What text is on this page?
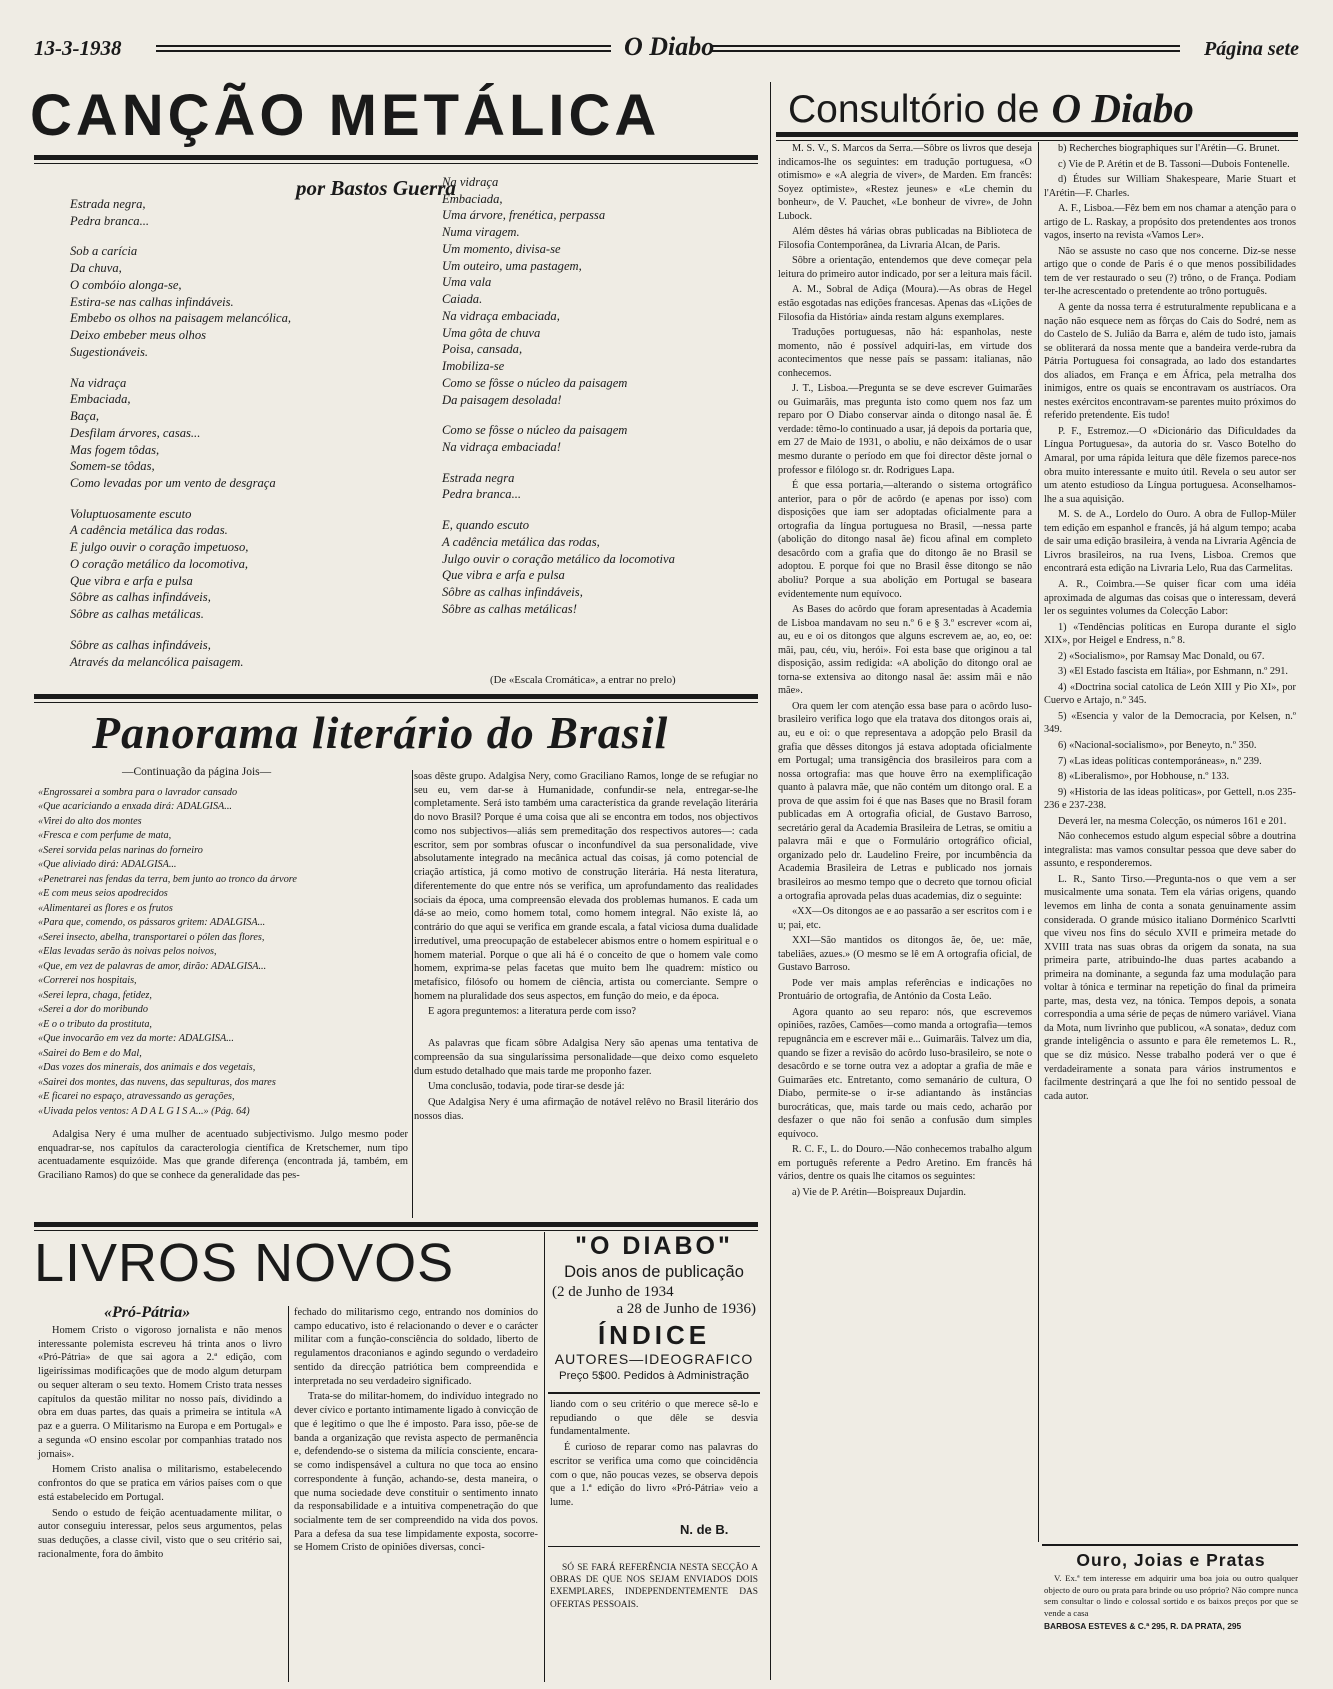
13-3-1938	O Diabo	Página sete
CANÇÃO METÁLICA
por Bastos Guerra
Estrada negra,
Pedra branca...
Sob a carícia
Da chuva,
O combóio alonga-se,
Estira-se nas calhas infindáveis.
Embebo os olhos na paisagem melancólica,
Deixo embeber meus olhos
Sugestionáveis.
Na vidraça
Embaciada,
Baça,
Desfilam árvores, casas...
Mas fogem tôdas,
Somem-se tôdas,
Como levadas por um vento de desgraça
Voluptuosamente escuto
A cadência metálica das rodas.
E julgo ouvir o coração impetuoso,
O coração metálico da locomotiva,
Que vibra e arfa e pulsa
Sôbre as calhas infindáveis,
Sôbre as calhas metálicas.
Sôbre as calhas infindáveis,
Através da melancólica paisagem.
Na vidraça
Embaciada,
Uma árvore, frenética, perpassa
Numa viragem.
Um momento, divisa-se
Um outeiro, uma pastagem,
Uma vala
Caiada.
Na vidraça embaciada,
Uma gôta de chuva
Poisa, cansada,
Imobiliza-se
Como se fôsse o núcleo da paisagem
Da paisagem desolada!
Como se fôsse o núcleo da paisagem
Na vidraça embaciada!
Estrada negra
Pedra branca...
E, quando escuto
A cadência metálica das rodas,
Julgo ouvir o coração metálico da locomotiva
Que vibra e arfa e pulsa
Sôbre as calhas infindáveis,
Sôbre as calhas metálicas!
(De «Escala Cromática», a entrar no prelo)
Panorama literário do Brasil
—Continuação da página Jois—
«Engrossarei a sombra para o lavrador cansado
«Que acariciando a enxada dirá: ADALGISA...
«Virei do alto dos montes
«Fresca e com perfume de mata,
«Serei sorvida pelas narinas do forneiro
«Que aliviado dirá: ADALGISA...
«Penetrarei nas fendas da terra, bem junto ao tronco da árvore
«E com meus seios apodrecidos
«Alimentarei as flores e os frutos
«Para que, comendo, os pássaros gritem: ADALGISA...
«Serei insecto, abelha, transportarei o pólen das flores,
«Elas levadas serão às noivas pelos noivos,
«Que, em vez de palavras de amor, dirão: ADALGISA...
«Correrei nos hospitais,
«Serei lepra, chaga, fetidez,
«Serei a dor do moribundo
«E o o tributo da prostituta,
«Que invocarão em vez da morte: ADALGISA...
«Sairei do Bem e do Mal,
«Das vozes dos minerais, dos animais e dos vegetais,
«Sairei dos montes, das nuvens, das sepulturas, dos mares
«E ficarei no espaço, atravessando as gerações,
«Uivada pelos ventos: A D A L G I S A...» (Pág. 64)

Adalgisa Nery é uma mulher de acentuado subjectivismo. Julgo mesmo poder enquadrar-se, nos capítulos da caracterologia científica de Kretschemer, num tipo acentuadamente esquizóide. Mas que grande diferença (encontrada já, também, em Graciliano Ramos) do que se conhece da generalidade das pes-

soas dêste grupo. Adalgisa Nery, como Graciliano Ramos, longe de se refugiar no seu eu, vem dar-se à Humanidade, confundir-se nela, entregar-se-lhe completamente. Será isto também uma característica da grande revelação literária do novo Brasil? Porque é uma coisa que ali se encontra em todos, nos objectivos como nos subjectivos—aliás sem premeditação dos respectivos autores—: cada escritor, sem por sombras ofuscar o inconfundível da sua personalidade, vive absolutamente integrado na mecânica actual das coisas, já como potencial de criação artística, já como motivo de construção literária. Há nesta literatura, diferentemente do que entre nós se verifica, um aprofundamento das realidades sociais da época, uma compreensão elevada dos problemas humanos. E cada um dá-se ao meio, como homem total, como homem integral. Não existe lá, ao contrário do que aqui se verifica em grande escala, a fatal viciosa duma dualidade irredutível, uma preocupação de estabelecer abismos entre o homem espiritual e o homem material. Porque o que ali há é o conceito de que o homem vale como homem, exprima-se pelas facetas que muito bem lhe quadrem: místico ou metafísico, filósofo ou homem de ciência, artista ou comerciante. Sempre o homem na pluralidade dos seus aspectos, em função do meio, e da época.

E agora preguntemos: a literatura perde com isso?

As palavras que ficam sôbre Adalgisa Nery são apenas uma tentativa de compreensão da sua singularíssima personalidade—que deixo como esqueleto dum estudo detalhado que mais tarde me proponho fazer.

Uma conclusão, todavia, pode tirar-se desde já:

Que Adalgisa Nery é uma afirmação de notável relêvo no Brasil literário dos nossos dias.

LIVROS NOVOS
«Pró-Pátria»

Homem Cristo o vigoroso jornalista e não menos interessante polemista escreveu há trinta anos o livro «Pró-Pátria» de que sai agora a 2.ª edição, com ligeiríssimas modificações que de modo algum deturpam ou sequer alteram o seu texto. Homem Cristo trata nesses capítulos da questão militar no nosso país, dividindo a obra em duas partes, das quais a primeira se intitula «A paz e a guerra. O Militarismo na Europa e em Portugal» e a segunda «O ensino escolar por companhias tratado nos jornais».

Homem Cristo analisa o militarismo, estabelecendo confrontos do que se pratica em vários países com o que está estabelecido em Portugal.

Sendo o estudo de feição acentuadamente militar, o autor conseguiu interessar, pelos seus argumentos, pelas suas deduções, a classe civil, visto que o seu critério sai, racionalmente, fora do âmbito

fechado do militarismo cego, entrando nos domínios do campo educativo, isto é relacionando o dever e o carácter militar com a função-consciência do soldado, liberto de regulamentos draconianos e agindo segundo o verdadeiro sentido da direcção patriótica bem compreendida e interpretada no seu verdadeiro significado.

Trata-se do militar-homem, do indivíduo integrado no dever cívico e portanto intimamente ligado à convicção de que é legítimo o que lhe é imposto. Para isso, põe-se de banda a organização que revista aspecto de permanência e, defendendo-se o sistema da milícia consciente, encara-se como indispensável a cultura no que toca ao ensino correspondente à função, achando-se, desta maneira, o que numa sociedade deve constituir o sentimento innato da responsabilidade e a intuitiva compenetração do que socialmente tem de ser compreendido na vida dos povos. Para a defesa da sua tese limpidamente exposta, socorre-se Homem Cristo de opiniões diversas, conci-

"O DIABO"
Dois anos de publicação
(2 de Junho de 1934
a 28 de Junho de 1936)
ÍNDICE
AUTORES—IDEOGRAFICO
Preço 5$00. Pedidos à Administração

liando com o seu critério o que merece sê-lo e repudiando o que dêle se desvia fundamentalmente.

É curioso de reparar como nas palavras do escritor se verifica uma como que coincidência com o que, não poucas vezes, se observa depois que a 1.ª edição do livro «Pró-Pátria» veio a lume.

N. de B.
SÓ SE FARÁ REFERÊNCIA NESTA SECÇÃO A OBRAS DE QUE NOS SEJAM ENVIADOS DOIS EXEMPLARES, INDEPENDENTEMENTE DAS OFERTAS PESSOAIS.
Consultório de O Diabo

M. S. V., S. Marcos da Serra.—Sôbre os livros que deseja indicamos-lhe os seguintes: em tradução portuguesa, «O otimismo» e «A alegria de viver», de Marden. Em francês: Soyez optimiste», «Restez jeunes» e «Le chemin du bonheur», de V. Pauchet, «Le bonheur de vivre», de John Lubock.

Além dêstes há várias obras publicadas na Biblioteca de Filosofia Contemporânea, da Livraria Alcan, de Paris.

Sôbre a orientação, entendemos que deve começar pela leitura do primeiro autor indicado, por ser a leitura mais fácil.

A. M., Sobral de Adiça (Moura).—As obras de Hegel estão esgotadas nas edições francesas. Apenas das «Lições de Filosofia da História» ainda restam alguns exemplares.

Traduções portuguesas, não há: espanholas, neste momento, não é possível adquiri-las, em virtude dos acontecimentos que nesse país se passam: italianas, não conhecemos.

J. T., Lisboa.—Pregunta se se deve escrever Guimarães ou Guimarãis, mas pregunta isto como quem nos faz um reparo por O Diabo conservar ainda o ditongo nasal ãe. É verdade: têmo-lo continuado a usar, já depois da portaria que, em 27 de Maio de 1931, o aboliu, e não deixámos de o usar mesmo durante o período em que foi director dêste jornal o professor e filólogo sr. dr. Rodrigues Lapa.

É que essa portaria,—alterando o sistema ortográfico anterior, para o pôr de acôrdo (e apenas por isso) com disposições que iam ser adoptadas oficialmente para a ortografia da língua portuguesa no Brasil, —nessa parte (abolição do ditongo nasal ãe) ficou afinal em completo desacôrdo com a grafia que do ditongo ãe no Brasil se adoptou. E porque foi que no Brasil êsse ditongo se não aboliu? Porque a sua abolição em Portugal se baseara evidentemente num equívoco.

As Bases do acôrdo que foram apresentadas à Academia de Lisboa mandavam no seu n.º 6 e § 3.º escrever «com ai, au, eu e oi os ditongos que alguns escrevem ae, ao, eo, oe: mãi, pau, céu, viu, herói». Foi esta base que originou a tal disposição, assim redigida: «A abolição do ditongo oral ae torna-se extensiva ao ditongo nasal ãe: assim mãi e não mãe».

Ora quem ler com atenção essa base para o acôrdo luso-brasileiro verifica logo que ela tratava dos ditongos orais ai, au, eu e oi: o que representava a adopção pelo Brasil da grafia que dêsses ditongos já estava adoptada oficialmente em Portugal; uma transigência dos brasileiros para com a nossa ortografia: mas que houve êrro na exemplificação quanto à palavra mãe, que não contém um ditongo oral. E a prova de que assim foi é que nas Bases que no Brasil foram publicadas em A ortografia oficial, de Gustavo Barroso, secretário geral da Academia Brasileira de Letras, se omitiu a palavra mãi e que o Formulário ortográfico oficial, organizado pelo dr. Laudelino Freire, por incumbência da Academia Brasileira de Letras e publicado nos jornais brasileiros ao mesmo tempo que o decreto que tornou oficial a ortografia aprovada pelas duas academias, diz o seguinte:

«XX—Os ditongos ae e ao passarão a ser escritos com i e u; pai, etc.

XXI—São mantidos os ditongos ãe, õe, ue: mãe, tabeliães, azues.» (O mesmo se lê em A ortografia oficial, de Gustavo Barroso.

Pode ver mais amplas referências e indicações no Prontuário de ortografia, de António da Costa Leão.

Agora quanto ao seu reparo: nós, que escrevemos opiniões, razões, Camões—como manda a ortografia—temos repugnância em e escrever mãi e... Guimarãis. Talvez um dia, quando se fizer a revisão do acôrdo luso-brasileiro, se note o desacôrdo e se torne outra vez a adoptar a grafia de mãe e Guimarães etc. Entretanto, como semanário de cultura, O Diabo, permite-se o ir-se adiantando às instâncias burocráticas, que, mais tarde ou mais cedo, acharão por desfazer o que não foi senão a confusão dum simples equívoco.

R. C. F., L. do Douro.—Não conhecemos trabalho algum em português referente a Pedro Aretino. Em francês há vários, dentre os quais lhe citamos os seguintes:

a) Vie de P. Arétin—Boispreaux Dujardin.

b) Recherches biographiques sur l'Arétin—G. Brunet.

c) Vie de P. Arétin et de B. Tassoni—Dubois Fontenelle.

d) Études sur William Shakespeare, Marie Stuart et l'Arétin—F. Charles.

A. F., Lisboa.—Fêz bem em nos chamar a atenção para o artigo de L. Raskay, a propósito dos pretendentes aos tronos vagos, inserto na revista «Vamos Ler».

Não se assuste no caso que nos concerne. Diz-se nesse artigo que o conde de Paris é o que menos possibilidades tem de ver restaurado o seu (?) trôno, o de França. Podiam ter-lhe acrescentado o pretendente ao trôno português.

A gente da nossa terra é estruturalmente republicana e a nação não esquece nem as fôrças do Cais do Sodré, nem as do Castelo de S. Julião da Barra e, além de tudo isto, jamais se obliterará da nossa mente que a bandeira verde-rubra da Pátria Portuguesa foi consagrada, ao lado dos estandartes dos aliados, em França e em África, pela metralha dos inimigos, entre os quais se encontravam os austríacos. Ora nestes exércitos encontravam-se parentes muito próximos do referido pretendente. Eis tudo!

P. F., Estremoz.—O «Dicionário das Dificuldades da Língua Portuguesa», da autoria do sr. Vasco Botelho do Amaral, por uma rápida leitura que dêle fizemos parece-nos obra muito interessante e muito útil. Revela o seu autor ser um atento estudioso da Língua portuguesa. Aconselhamos-lhe a sua aquisição.

M. S. de A., Lordelo do Ouro. A obra de Fullop-Müler tem edição em espanhol e francês, já há algum tempo; acaba de sair uma edição brasileira, à venda na Livraria Agência de Livros brasileiros, na rua Ivens, Lisboa. Cremos que encontrará esta edição na Livraria Lelo, Rua das Carmelitas.

A. R., Coimbra.—Se quiser ficar com uma idéia aproximada de algumas das coisas que o interessam, deverá ler os seguintes volumes da Colecção Labor:

1) «Tendências políticas en Europa durante el siglo XIX», por Heigel e Endress, n.º 8.

2) «Socialismo», por Ramsay Mac Donald, ou 67.

3) «El Estado fascista em Itália», por Eshmann, n.º 291.

4) «Doctrina social catolica de León XIII y Pio XI», por Cuervo e Artajo, n.º 345.

5) «Esencia y valor de la Democracia, por Kelsen, n.º 349.

6) «Nacional-socialismo», por Beneyto, n.º 350.

7) «Las ideas políticas contemporáneas», n.º 239.

8) «Liberalismo», por Hobhouse, n.º 133.

9) «Historia de las ideas políticas», por Gettell, n.os 235-236 e 237-238.

Deverá ler, na mesma Colecção, os números 161 e 201.

Não conhecemos estudo algum especial sôbre a doutrina integralista: mas vamos consultar pessoa que deve saber do assunto, e responderemos.

L. R., Santo Tirso.—Pregunta-nos o que vem a ser musicalmente uma sonata. Tem ela várias origens, quando levemos em linha de conta a sonata genuinamente assim considerada. O grande músico italiano Dorménico Scarlvtti que viveu nos fins do século XVII e primeira metade do XVIII trata nas suas obras da origem da sonata, na sua primeira parte, atribuindo-lhe duas partes acabando a primeira na dominante, a segunda faz uma modulação para voltar à tónica e terminar na repetição do final da primeira parte, mas, desta vez, na tónica. Tempos depois, a sonata correspondia a uma série de peças de número variável. Viana da Mota, num livrinho que publicou, «A sonata», deduz com grande inteligência o assunto e para êle remetemos L. R., que se diz músico. Nesse trabalho poderá ver o que é verdadeiramente a sonata para vários instrumentos e facilmente destrinçará a que lhe foi no sentido pessoal de cada autor.

Ouro, Joias e Pratas
V. Ex.ª tem interesse em adquirir uma boa joia ou outro qualquer objecto de ouro ou prata para brinde ou uso próprio? Não compre nunca sem consultar o lindo e colossal sortido e os baixos preços por que se vende a casa
BARBOSA ESTEVES & C.ª 295, R. DA PRATA, 295
